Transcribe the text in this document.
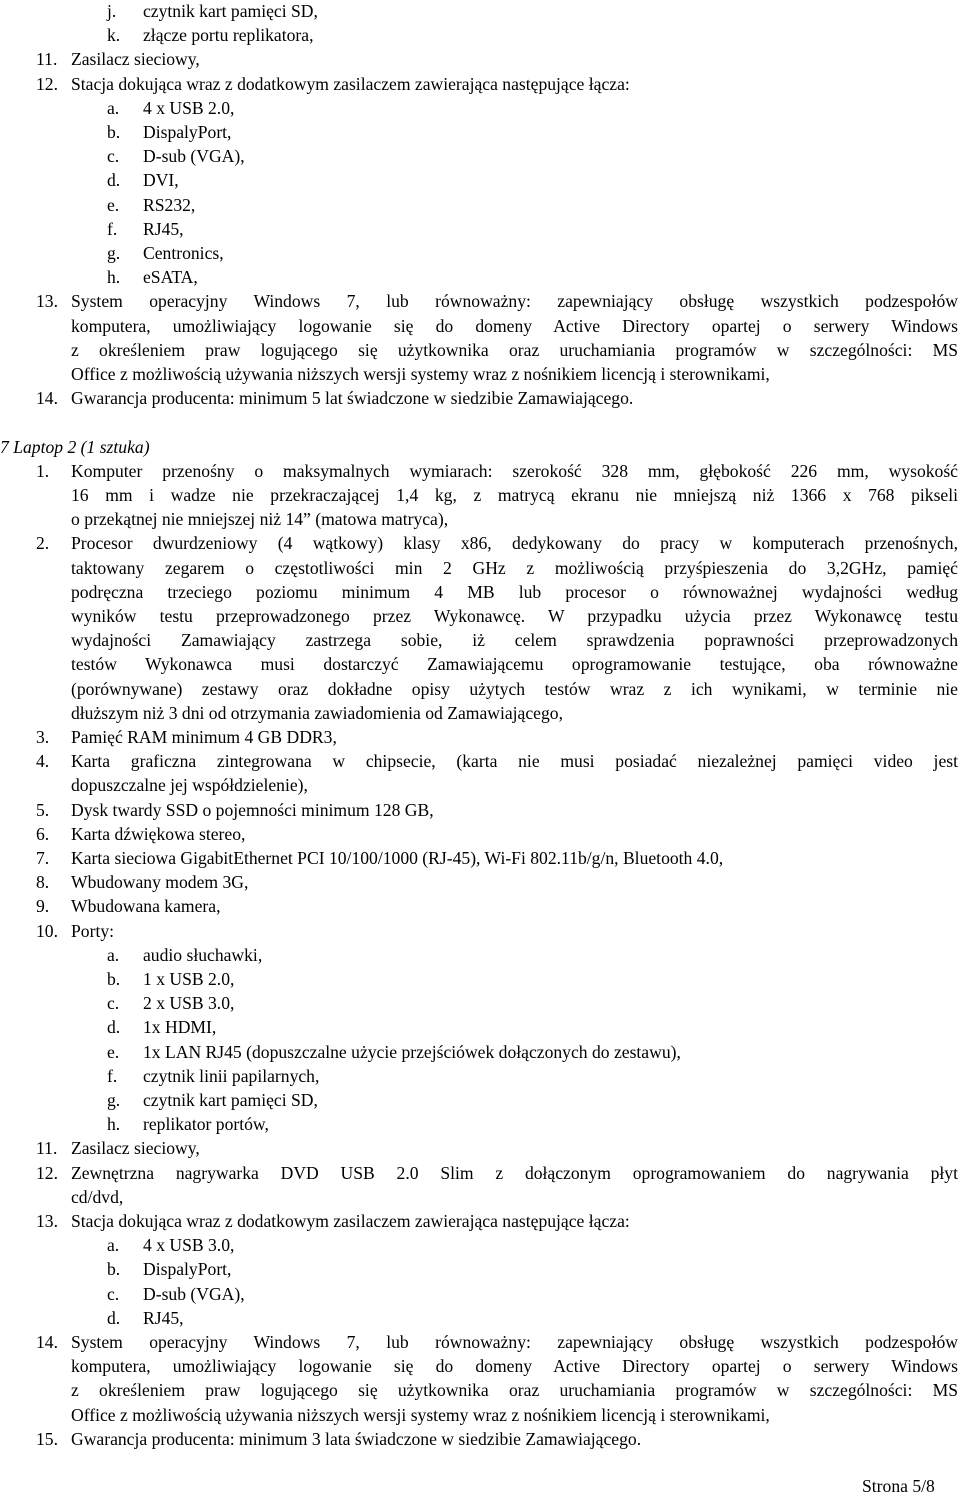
j. czytnik kart pamięci SD,
k. złącze portu replikatora,
11. Zasilacz sieciowy,
12. Stacja dokująca wraz z dodatkowym zasilaczem zawierająca następujące łącza:
a. 4 x USB 2.0,
b. DispalyPort,
c. D-sub (VGA),
d. DVI,
e. RS232,
f. RJ45,
g. Centronics,
h. eSATA,
13. System operacyjny Windows 7, lub równoważny: zapewniający obsługę wszystkich podzespołów
komputera, umożliwiający logowanie się do domeny Active Directory opartej o serwery Windows
z określeniem praw logującego się użytkownika oraz uruchamiania programów w szczególności: MS
Office z możliwością używania niższych wersji systemy wraz z nośnikiem licencją i sterownikami,
14. Gwarancja producenta: minimum 5 lat świadczone w siedzibie Zamawiającego.
7 Laptop 2 (1 sztuka)
1. Komputer przenośny o maksymalnych wymiarach: szerokość 328 mm, głębokość 226 mm, wysokość
16 mm i wadze nie przekraczającej 1,4 kg, z matrycą ekranu nie mniejszą niż 1366 x 768 pikseli
o przekątnej nie mniejszej niż 14” (matowa matryca),
2. Procesor dwurdzeniowy (4 wątkowy) klasy x86, dedykowany do pracy w komputerach przenośnych,
taktowany zegarem o częstotliwości min 2 GHz z możliwością przyśpieszenia do 3,2GHz, pamięć
podręczna trzeciego poziomu minimum 4 MB lub procesor o równoważnej wydajności według
wyników testu przeprowadzonego przez Wykonawcę. W przypadku użycia przez Wykonawcę testu
wydajności Zamawiający zastrzega sobie, iż celem sprawdzenia poprawności przeprowadzonych
testów Wykonawca musi dostarczyć Zamawiającemu oprogramowanie testujące, oba równoważne
(porównywane) zestawy oraz dokładne opisy użytych testów wraz z ich wynikami, w terminie nie
dłuższym niż 3 dni od otrzymania zawiadomienia od Zamawiającego,
3. Pamięć RAM minimum 4 GB DDR3,
4. Karta graficzna zintegrowana w chipsecie, (karta nie musi posiadać niezależnej pamięci video jest
dopuszczalne jej współdzielenie),
5. Dysk twardy SSD o pojemności minimum 128 GB,
6. Karta dźwiękowa stereo,
7. Karta sieciowa GigabitEthernet PCI 10/100/1000 (RJ-45), Wi-Fi 802.11b/g/n, Bluetooth 4.0,
8. Wbudowany modem 3G,
9. Wbudowana kamera,
10. Porty:
a. audio słuchawki,
b. 1 x USB 2.0,
c. 2 x USB 3.0,
d. 1x HDMI,
e. 1x LAN RJ45 (dopuszczalne użycie przejściówek dołączonych do zestawu),
f. czytnik linii papilarnych,
g. czytnik kart pamięci SD,
h. replikator portów,
11. Zasilacz sieciowy,
12. Zewnętrzna nagrywarka DVD USB 2.0 Slim z dołączonym oprogramowaniem do nagrywania płyt
cd/dvd,
13. Stacja dokująca wraz z dodatkowym zasilaczem zawierająca następujące łącza:
a. 4 x USB 3.0,
b. DispalyPort,
c. D-sub (VGA),
d. RJ45,
14. System operacyjny Windows 7, lub równoważny: zapewniający obsługę wszystkich podzespołów
komputera, umożliwiający logowanie się do domeny Active Directory opartej o serwery Windows
z określeniem praw logującego się użytkownika oraz uruchamiania programów w szczególności: MS
Office z możliwością używania niższych wersji systemy wraz z nośnikiem licencją i sterownikami,
15. Gwarancja producenta: minimum 3 lata świadczone w siedzibie Zamawiającego.
Strona 5/8
